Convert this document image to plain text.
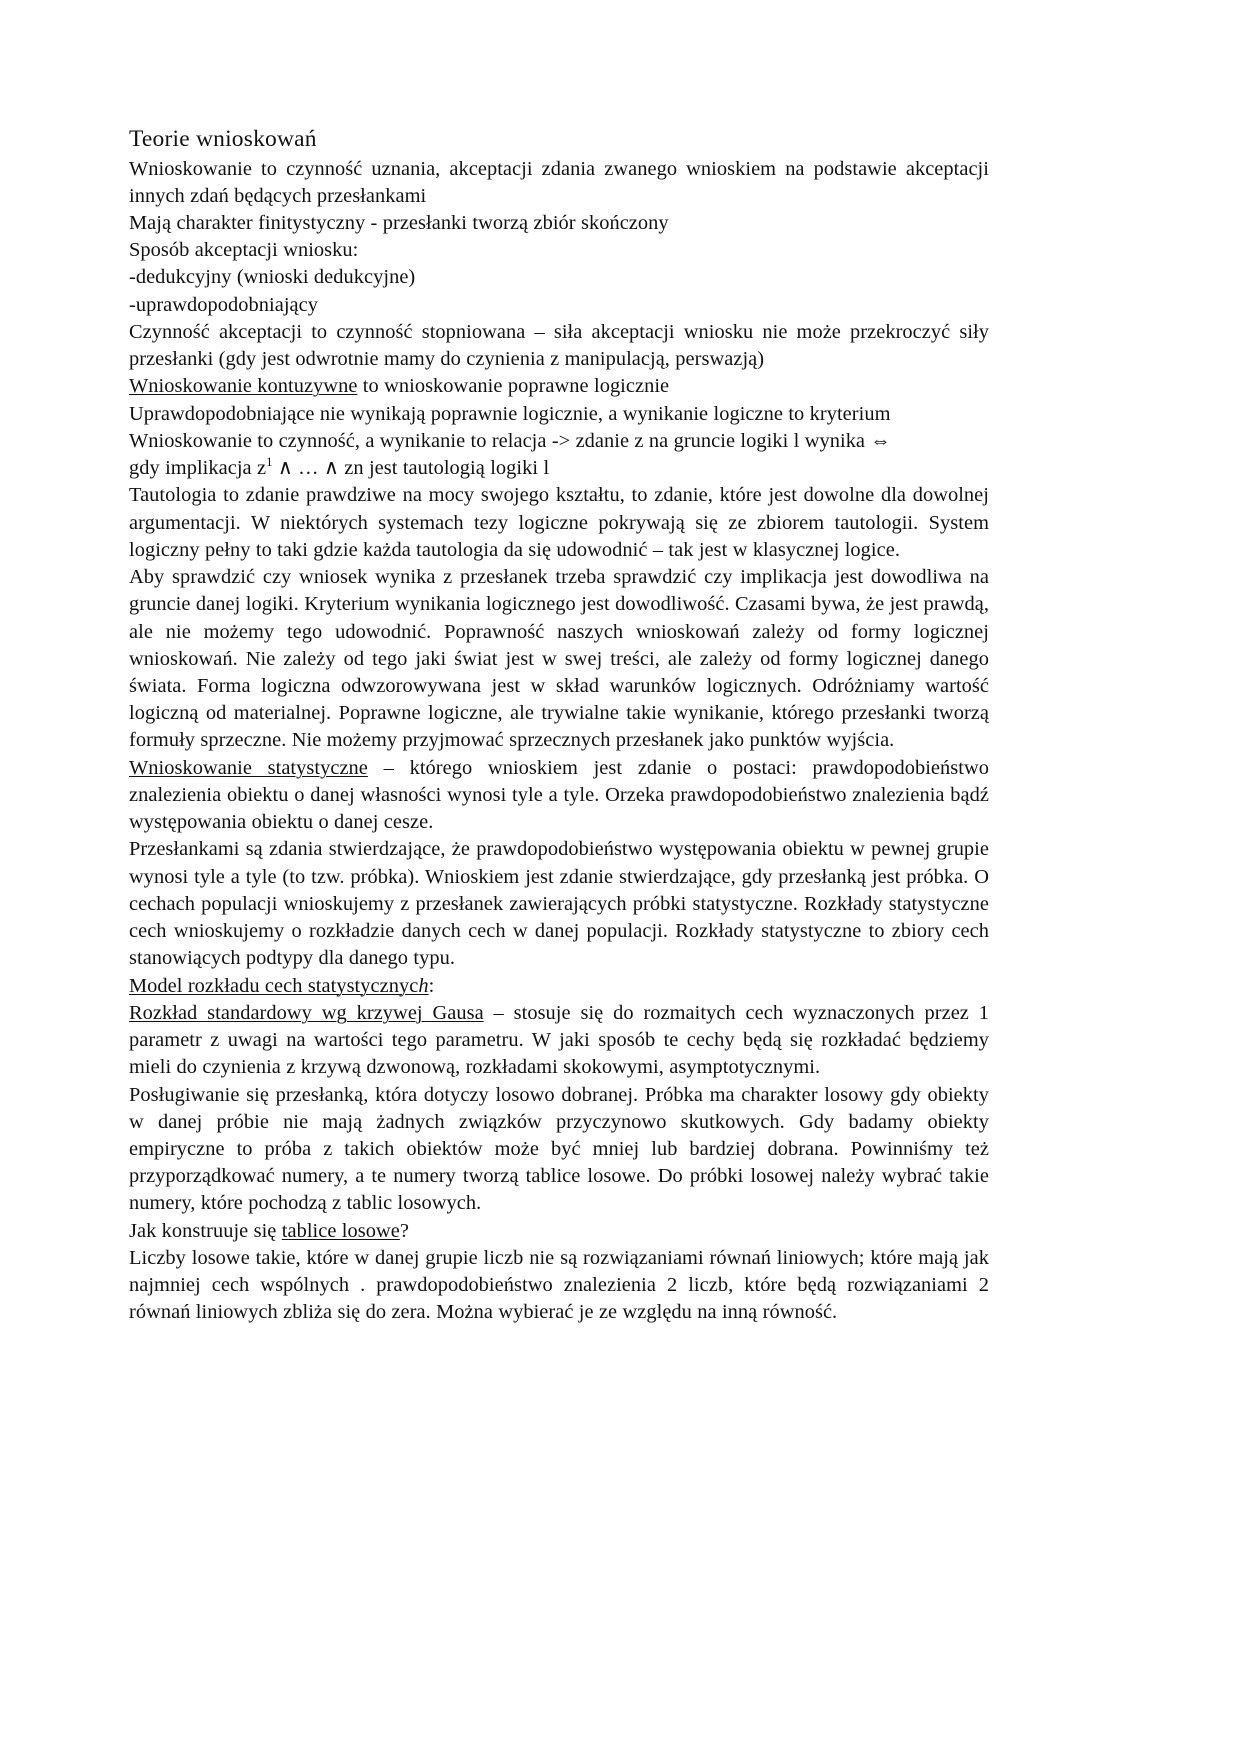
Teorie wnioskowań

Wnioskowanie to czynność uznania, akceptacji zdania zwanego wnioskiem na podstawie akceptacji innych zdań będących przesłankami

Mają charakter finitystyczny - przesłanki tworzą zbiór skończony

Sposób akceptacji wniosku:

-dedukcyjny (wnioski dedukcyjne)

-uprawdopodobniający

Czynność akceptacji to czynność stopniowana – siła akceptacji wniosku nie może przekroczyć siły przesłanki (gdy jest odwrotnie mamy do czynienia z manipulacją, perswazją)

Wnioskowanie kontuzywne to wnioskowanie poprawne logicznie

Uprawdopodobniające nie wynikają poprawnie logicznie, a wynikanie logiczne to kryterium

Wnioskowanie to czynność, a wynikanie to relacja -> zdanie z na gruncie logiki l wynika ⇔

gdy implikacja $z^1$ ∧ … ∧ zn jest tautologią logiki l

Tautologia to zdanie prawdziwe na mocy swojego kształtu, to zdanie, które jest dowolne dla dowolnej argumentacji. W niektórych systemach tezy logiczne pokrywają się ze zbiorem tautologii. System logiczny pełny to taki gdzie każda tautologia da się udowodnić – tak jest w klasycznej logice.

Aby sprawdzić czy wniosek wynika z przesłanek trzeba sprawdzić czy implikacja jest dowodliwa na gruncie danej logiki. Kryterium wynikania logicznego jest dowodliwość. Czasami bywa, że jest prawdą, ale nie możemy tego udowodnić. Poprawność naszych wnioskowań zależy od formy logicznej wnioskowań. Nie zależy od tego jaki świat jest w swej treści, ale zależy od formy logicznej danego świata. Forma logiczna odwzorowywana jest w skład warunków logicznych. Odróżniamy wartość logiczną od materialnej. Poprawne logiczne, ale trywialne takie wynikanie, którego przesłanki tworzą formuły sprzeczne. Nie możemy przyjmować sprzecznych przesłanek jako punktów wyjścia.

Wnioskowanie statystyczne – którego wnioskiem jest zdanie o postaci: prawdopodobieństwo znalezienia obiektu o danej własności wynosi tyle a tyle. Orzeka prawdopodobieństwo znalezienia bądź występowania obiektu o danej cesze.

Przesłankami są zdania stwierdzające, że prawdopodobieństwo występowania obiektu w pewnej grupie wynosi tyle a tyle (to tzw. próbka). Wnioskiem jest zdanie stwierdzające, gdy przesłanką jest próbka. O cechach populacji wnioskujemy z przesłanek zawierających próbki statystyczne. Rozkłady statystyczne cech wnioskujemy o rozkładzie danych cech w danej populacji. Rozkłady statystyczne to zbiory cech stanowiących podtypy dla danego typu.

Model rozkładu cech statystycznych:

Rozkład standardowy wg krzywej Gausa – stosuje się do rozmaitych cech wyznaczonych przez 1 parametr z uwagi na wartości tego parametru. W jaki sposób te cechy będą się rozkładać będziemy mieli do czynienia z krzywą dzwonową, rozkładami skokowymi, asymptotycznymi.

Posługiwanie się przesłanką, która dotyczy losowo dobranej. Próbka ma charakter losowy gdy obiekty w danej próbie nie mają żadnych związków przyczynowo skutkowych. Gdy badamy obiekty empiryczne to próba z takich obiektów może być mniej lub bardziej dobrana. Powinniśmy też przyporządkować numery, a te numery tworzą tablice losowe. Do próbki losowej należy wybrać takie numery, które pochodzą z tablic losowych.

Jak konstruuje się tablice losowe?

Liczby losowe takie, które w danej grupie liczb nie są rozwiązaniami równań liniowych; które mają jak najmniej cech wspólnych . prawdopodobieństwo znalezienia 2 liczb, które będą rozwiązaniami 2 równań liniowych zbliża się do zera. Można wybierać je ze względu na inną równość.
